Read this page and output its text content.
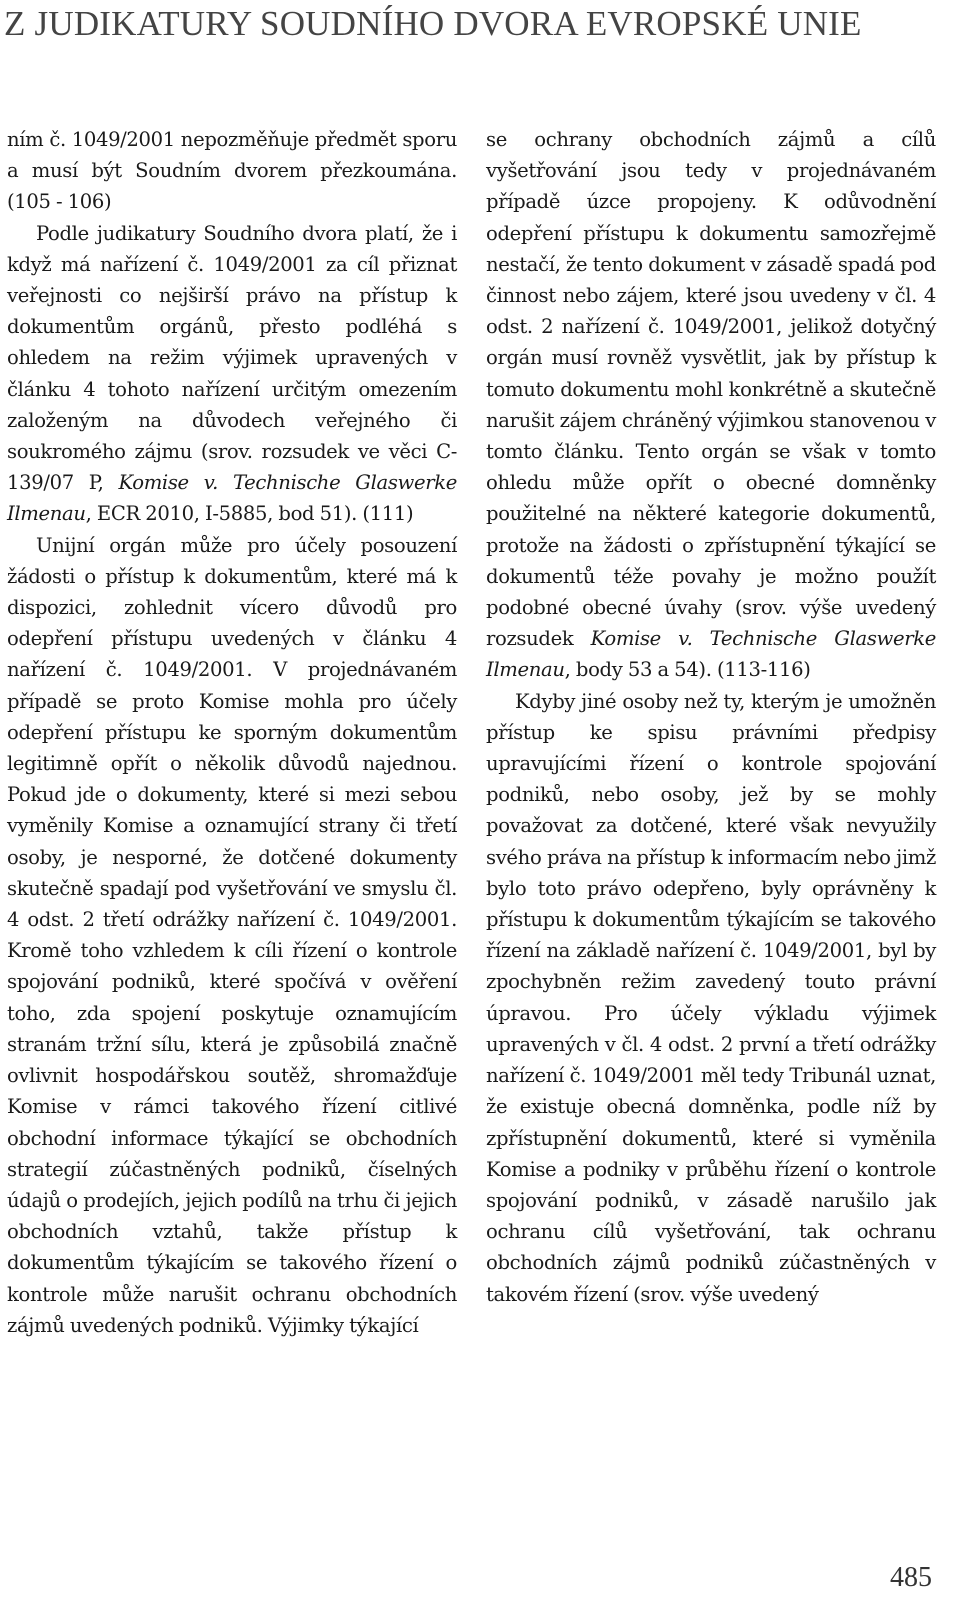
Z JUDIKATURY SOUDNÍHO DVORA EVROPSKÉ UNIE

ním č. 1049/2001 nepozměňuje předmět sporu a musí být Soudním dvorem přezkoumána. (105 - 106)

Podle judikatury Soudního dvora platí, že i když má nařízení č. 1049/2001 za cíl přiznat veřejnosti co nejširší právo na přístup k dokumentům orgánů, přesto podléhá s ohledem na režim výjimek upravených v článku 4 tohoto nařízení určitým omezením založeným na důvodech veřejného či soukromého zájmu (srov. rozsudek ve věci C-139/07 P, Komise v. Technische Glaswerke Ilmenau, ECR 2010, I-5885, bod 51). (111)

Unijní orgán může pro účely posouzení žádosti o přístup k dokumentům, které má k dispozici, zohlednit vícero důvodů pro odepření přístupu uvedených v článku 4 nařízení č. 1049/2001. V projednávaném případě se proto Komise mohla pro účely odepření přístupu ke sporným dokumentům legitimně opřít o několik důvodů najednou. Pokud jde o dokumenty, které si mezi sebou vyměnily Komise a oznamující strany či třetí osoby, je nesporné, že dotčené dokumenty skutečně spadají pod vyšetřování ve smyslu čl. 4 odst. 2 třetí odrážky nařízení č. 1049/2001. Kromě toho vzhledem k cíli řízení o kontrole spojování podniků, které spočívá v ověření toho, zda spojení poskytuje oznamujícím stranám tržní sílu, která je způsobilá značně ovlivnit hospodářskou soutěž, shromažďuje Komise v rámci takového řízení citlivé obchodní informace týkající se obchodních strategií zúčastněných podniků, číselných údajů o prodejích, jejich podílů na trhu či jejich obchodních vztahů, takže přístup k dokumentům týkajícím se takového řízení o kontrole může narušit ochranu obchodních zájmů uvedených podniků. Výjimky týkající

se ochrany obchodních zájmů a cílů vyšetřování jsou tedy v projednávaném případě úzce propojeny. K odůvodnění odepření přístupu k dokumentu samozřejmě nestačí, že tento dokument v zásadě spadá pod činnost nebo zájem, které jsou uvedeny v čl. 4 odst. 2 nařízení č. 1049/2001, jelikož dotyčný orgán musí rovněž vysvětlit, jak by přístup k tomuto dokumentu mohl konkrétně a skutečně narušit zájem chráněný výjimkou stanovenou v tomto článku. Tento orgán se však v tomto ohledu může opřít o obecné domněnky použitelné na některé kategorie dokumentů, protože na žádosti o zpřístupnění týkající se dokumentů téže povahy je možno použít podobné obecné úvahy (srov. výše uvedený rozsudek Komise v. Technische Glaswerke Ilmenau, body 53 a 54). (113-116)

Kdyby jiné osoby než ty, kterým je umožněn přístup ke spisu právními předpisy upravujícími řízení o kontrole spojování podniků, nebo osoby, jež by se mohly považovat za dotčené, které však nevyužily svého práva na přístup k informacím nebo jimž bylo toto právo odepřeno, byly oprávněny k přístupu k dokumentům týkajícím se takového řízení na základě nařízení č. 1049/2001, byl by zpochybněn režim zavedený touto právní úpravou. Pro účely výkladu výjimek upravených v čl. 4 odst. 2 první a třetí odrážky nařízení č. 1049/2001 měl tedy Tribunál uznat, že existuje obecná domněnka, podle níž by zpřístupnění dokumentů, které si vyměnila Komise a podniky v průběhu řízení o kontrole spojování podniků, v zásadě narušilo jak ochranu cílů vyšetřování, tak ochranu obchodních zájmů podniků zúčastněných v takovém řízení (srov. výše uvedený

485
